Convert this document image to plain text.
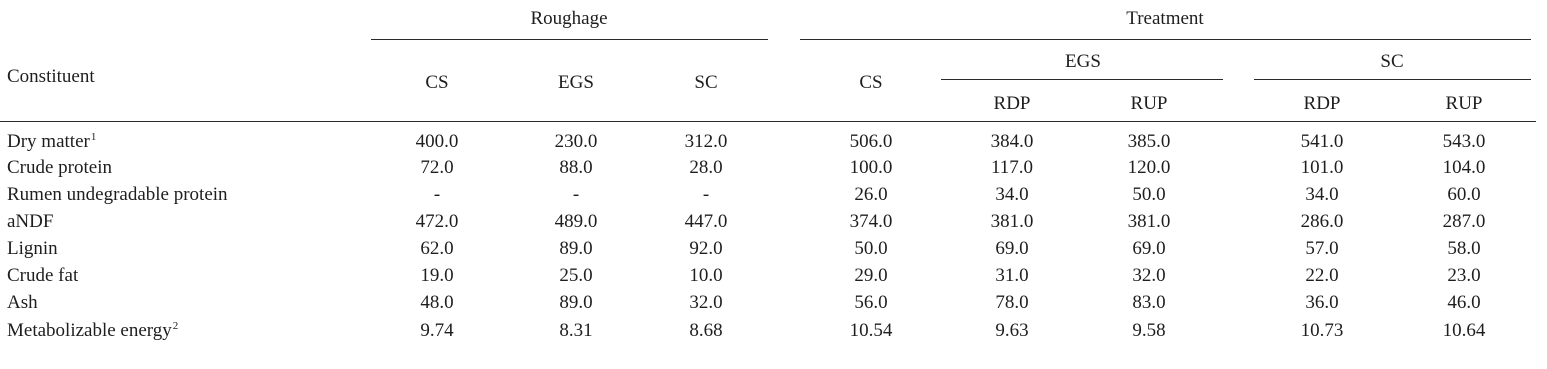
Roughage	Treatment
Constituent	CS	EGS	SC	CS
EGS	SC
RDP	RUP	RDP	RUP
Dry matter$^1$	400.0	230.0	312.0	506.0	384.0	385.0	541.0	543.0
Crude protein	72.0	88.0	28.0	100.0	117.0	120.0	101.0	104.0
Rumen undegradable protein	-	-	-	26.0	34.0	50.0	34.0	60.0
aNDF	472.0	489.0	447.0	374.0	381.0	381.0	286.0	287.0
Lignin	62.0	89.0	92.0	50.0	69.0	69.0	57.0	58.0
Crude fat	19.0	25.0	10.0	29.0	31.0	32.0	22.0	23.0
Ash	48.0	89.0	32.0	56.0	78.0	83.0	36.0	46.0
Metabolizable energy$^2$	9.74	8.31	8.68	10.54	9.63	9.58	10.73	10.64
